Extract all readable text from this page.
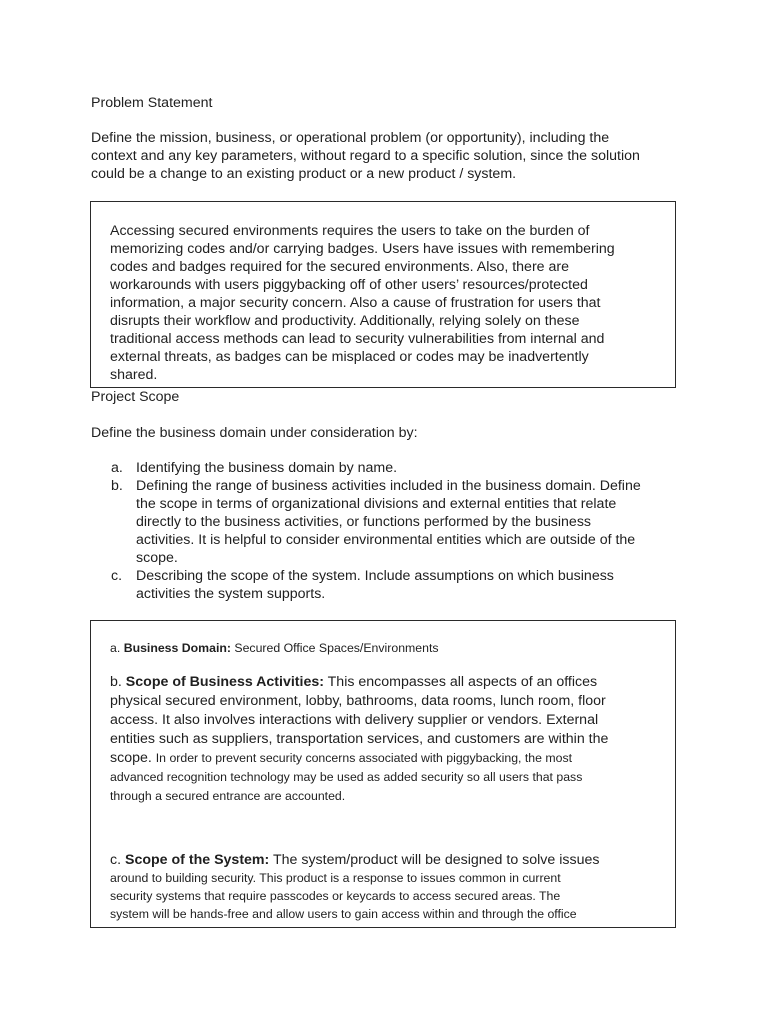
Problem Statement

Define the mission, business, or operational problem (or opportunity), including the
context and any key parameters, without regard to a specific solution, since the solution
could be a change to an existing product or a new product / system.

Accessing secured environments requires the users to take on the burden of
memorizing codes and/or carrying badges. Users have issues with remembering
codes and badges required for the secured environments. Also, there are
workarounds with users piggybacking off of other users’ resources/protected
information, a major security concern. Also a cause of frustration for users that
disrupts their workflow and productivity. Additionally, relying solely on these
traditional access methods can lead to security vulnerabilities from internal and
external threats, as badges can be misplaced or codes may be inadvertently
shared.

Project Scope

Define the business domain under consideration by:

a. Identifying the business domain by name.
b. Defining the range of business activities included in the business domain. Define
the scope in terms of organizational divisions and external entities that relate
directly to the business activities, or functions performed by the business
activities. It is helpful to consider environmental entities which are outside of the
scope.
c. Describing the scope of the system. Include assumptions on which business
activities the system supports.

a. Business Domain: Secured Office Spaces/Environments

b. Scope of Business Activities: This encompasses all aspects of an offices
physical secured environment, lobby, bathrooms, data rooms, lunch room, floor
access. It also involves interactions with delivery supplier or vendors. External
entities such as suppliers, transportation services, and customers are within the
scope. In order to prevent security concerns associated with piggybacking, the most
advanced recognition technology may be used as added security so all users that pass
through a secured entrance are accounted.

c. Scope of the System: The system/product will be designed to solve issues
around to building security. This product is a response to issues common in current
security systems that require passcodes or keycards to access secured areas. The
system will be hands-free and allow users to gain access within and through the office
